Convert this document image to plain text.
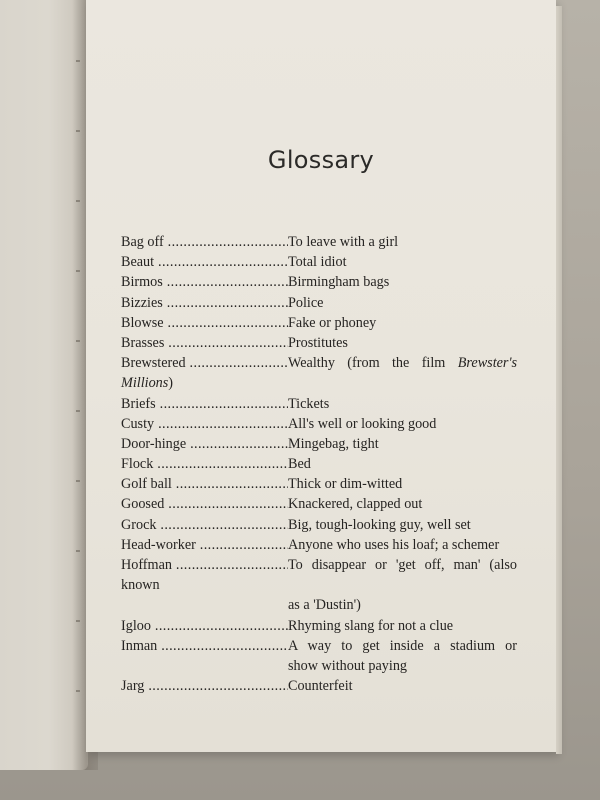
Glossary
Bag off .....	To leave with a girl
Beaut .....	Total idiot
Birmos .....	Birmingham bags
Bizzies .....	Police
Blowse .....	Fake or phoney
Brasses .....	Prostitutes
Brewstered .....	Wealthy (from the film Brewster's
Millions)
Briefs .....	Tickets
Custy .....	All's well or looking good
Door-hinge .....	Mingebag, tight
Flock .....	Bed
Golf ball .....	Thick or dim-witted
Goosed .....	Knackered, clapped out
Grock .....	Big, tough-looking guy, well set
Head-worker .....	Anyone who uses his loaf; a schemer
Hoffman .....	To disappear or 'get off, man' (also
known
as a 'Dustin')
Igloo .....	Rhyming slang for not a clue
Inman .....	A way to get inside a stadium or
show without paying
Jarg .....	Counterfeit
